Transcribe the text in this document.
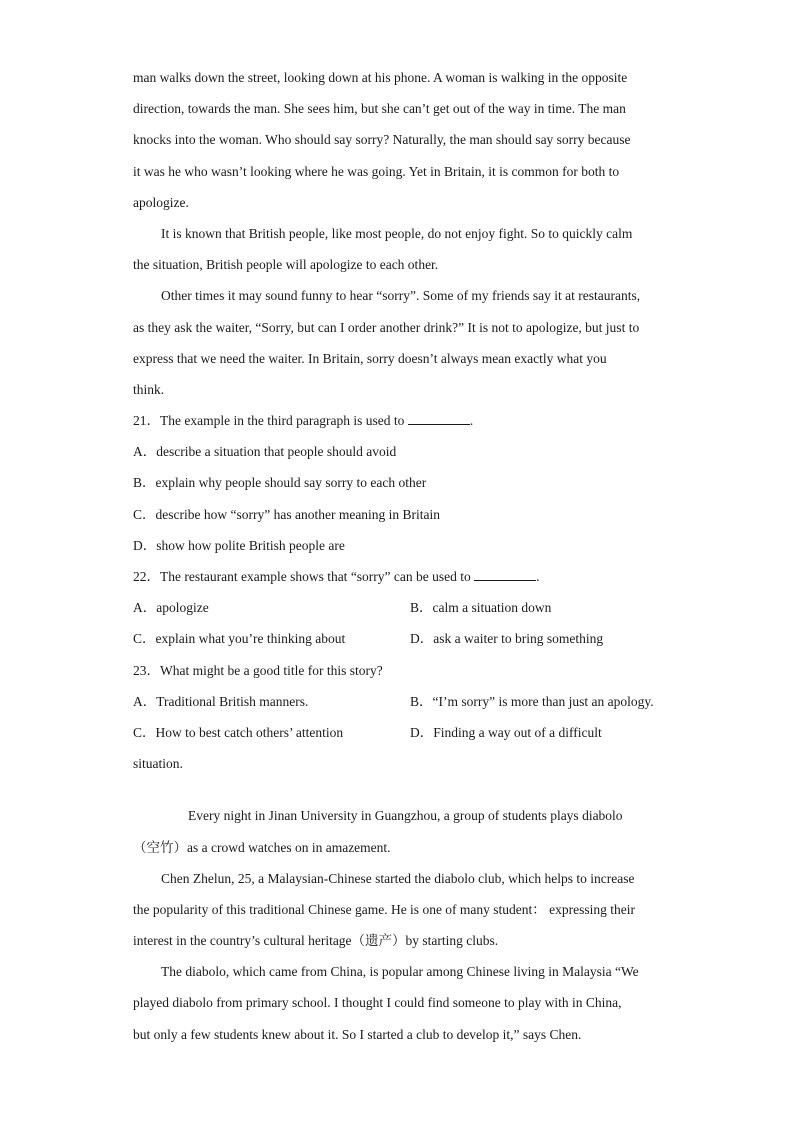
man walks down the street, looking down at his phone. A woman is walking in the opposite
direction, towards the man. She sees him, but she can’t get out of the way in time. The man
knocks into the woman. Who should say sorry? Naturally, the man should say sorry because
it was he who wasn’t looking where he was going. Yet in Britain, it is common for both to
apologize.
It is known that British people, like most people, do not enjoy fight. So to quickly calm
the situation, British people will apologize to each other.
Other times it may sound funny to hear “sorry”. Some of my friends say it at restaurants,
as they ask the waiter, “Sorry, but can I order another drink?” It is not to apologize, but just to
express that we need the waiter. In Britain, sorry doesn’t always mean exactly what you
think.
21．The example in the third paragraph is used to	.
A．describe a situation that people should avoid
B．explain why people should say sorry to each other
C．describe how “sorry” has another meaning in Britain
D．show how polite British people are
22．The restaurant example shows that “sorry” can be used to	.
A．apologize	B．calm a situation down
C．explain what you’re thinking about	D．ask a waiter to bring something
23．What might be a good title for this story?
A．Traditional British manners.	B．“I’m sorry” is more than just an apology.
C．How to best catch others’ attention	D．Finding a way out of a difficult
situation.
Every night in Jinan University in Guangzhou, a group of students plays diabolo
（空竹）as a crowd watches on in amazement.
Chen Zhelun, 25, a Malaysian-Chinese started the diabolo club, which helps to increase
the popularity of this traditional Chinese game. He is one of many student： expressing their
interest in the country’s cultural heritage（遗产）by starting clubs.
The diabolo, which came from China, is popular among Chinese living in Malaysia “We
played diabolo from primary school. I thought I could find someone to play with in China,
but only a few students knew about it. So I started a club to develop it,” says Chen.
